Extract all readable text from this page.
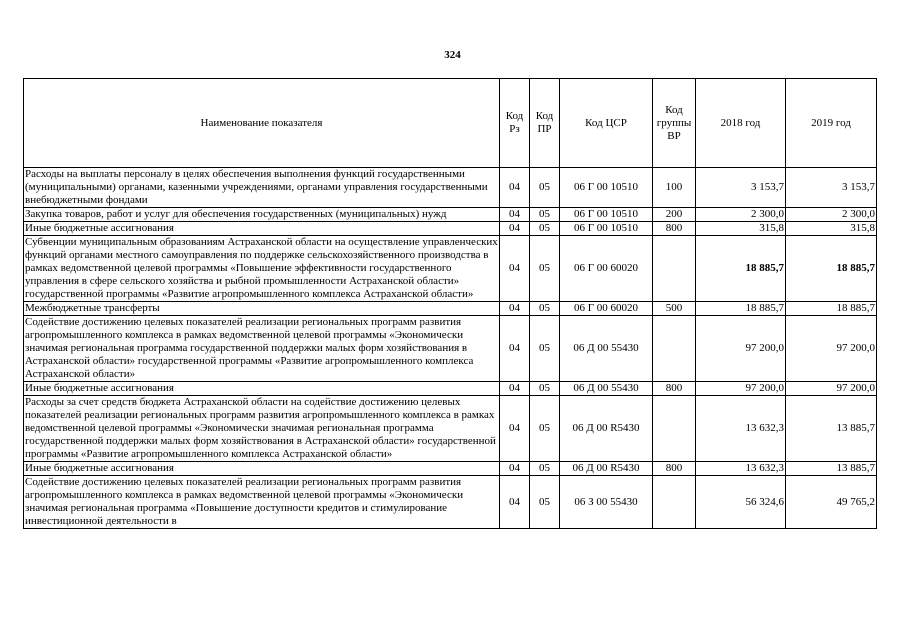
324
Наименование показателя	Код Рз	Код ПР	Код ЦСР	Код группы ВР	2018 год	2019 год
Расходы на выплаты персоналу в целях обеспечения выполнения функций государственными (муниципальными) органами, казенными учреждениями, органами управления государственными внебюджетными фондами	04	05	06 Г 00 10510	100	3 153,7	3 153,7
Закупка товаров, работ и услуг для обеспечения государственных (муниципальных) нужд	04	05	06 Г 00 10510	200	2 300,0	2 300,0
Иные бюджетные ассигнования	04	05	06 Г 00 10510	800	315,8	315,8
Субвенции муниципальным образованиям Астраханской области на осуществление управленческих функций органами местного самоуправления по поддержке сельскохозяйственного производства в рамках ведомственной целевой программы «Повышение эффективности государственного управления в сфере сельского хозяйства и рыбной промышленности Астраханской области» государственной программы «Развитие агропромышленного комплекса Астраханской области»	04	05	06 Г 00 60020		18 885,7	18 885,7
Межбюджетные трансферты	04	05	06 Г 00 60020	500	18 885,7	18 885,7
Содействие достижению целевых показателей реализации региональных программ развития агропромышленного комплекса в рамках ведомственной целевой программы «Экономически значимая региональная программа государственной поддержки малых форм хозяйствования в Астраханской области» государственной программы «Развитие агропромышленного комплекса Астраханской области»	04	05	06 Д 00 55430		97 200,0	97 200,0
Иные бюджетные ассигнования	04	05	06 Д 00 55430	800	97 200,0	97 200,0
Расходы за счет средств бюджета Астраханской области на содействие достижению целевых показателей реализации региональных программ развития агропромышленного комплекса в рамках ведомственной целевой программы «Экономически значимая региональная программа государственной поддержки малых форм хозяйствования в Астраханской области» государственной программы «Развитие агропромышленного комплекса Астраханской области»	04	05	06 Д 00 R5430		13 632,3	13 885,7
Иные бюджетные ассигнования	04	05	06 Д 00 R5430	800	13 632,3	13 885,7
Содействие достижению целевых показателей реализации региональных программ развития агропромышленного комплекса в рамках ведомственной целевой программы «Экономически значимая региональная программа «Повышение доступности кредитов и стимулирование инвестиционной деятельности в	04	05	06 З 00 55430		56 324,6	49 765,2
